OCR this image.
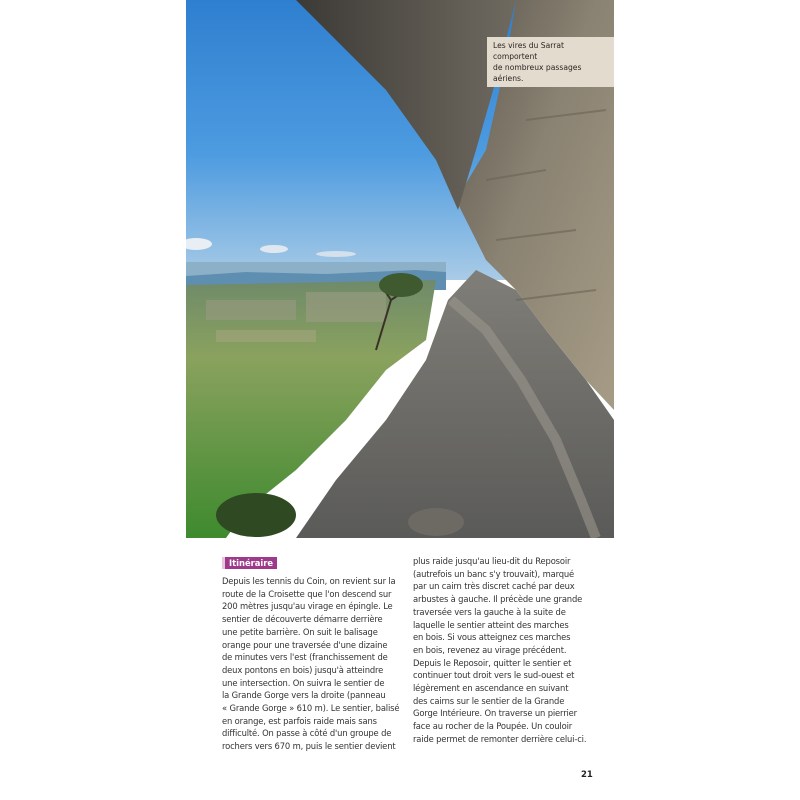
Les vires du Sarrat comportent
de nombreux passages aériens.
Itinéraire
Depuis les tennis du Coin, on revient sur la
route de la Croisette que l'on descend sur
200 mètres jusqu'au virage en épingle. Le
sentier de découverte démarre derrière
une petite barrière. On suit le balisage
orange pour une traversée d'une dizaine
de minutes vers l'est (franchissement de
deux pontons en bois) jusqu'à atteindre
une intersection. On suivra le sentier de
la Grande Gorge vers la droite (panneau
« Grande Gorge » 610 m). Le sentier, balisé
en orange, est parfois raide mais sans
difficulté. On passe à côté d'un groupe de
rochers vers 670 m, puis le sentier devient
plus raide jusqu'au lieu-dit du Reposoir
(autrefois un banc s'y trouvait), marqué
par un cairn très discret caché par deux
arbustes à gauche. Il précède une grande
traversée vers la gauche à la suite de
laquelle le sentier atteint des marches
en bois. Si vous atteignez ces marches
en bois, revenez au virage précédent.
Depuis le Reposoir, quitter le sentier et
continuer tout droit vers le sud-ouest et
légèrement en ascendance en suivant
des cairns sur le sentier de la Grande
Gorge Intérieure. On traverse un pierrier
face au rocher de la Poupée. Un couloir
raide permet de remonter derrière celui-ci.
21
